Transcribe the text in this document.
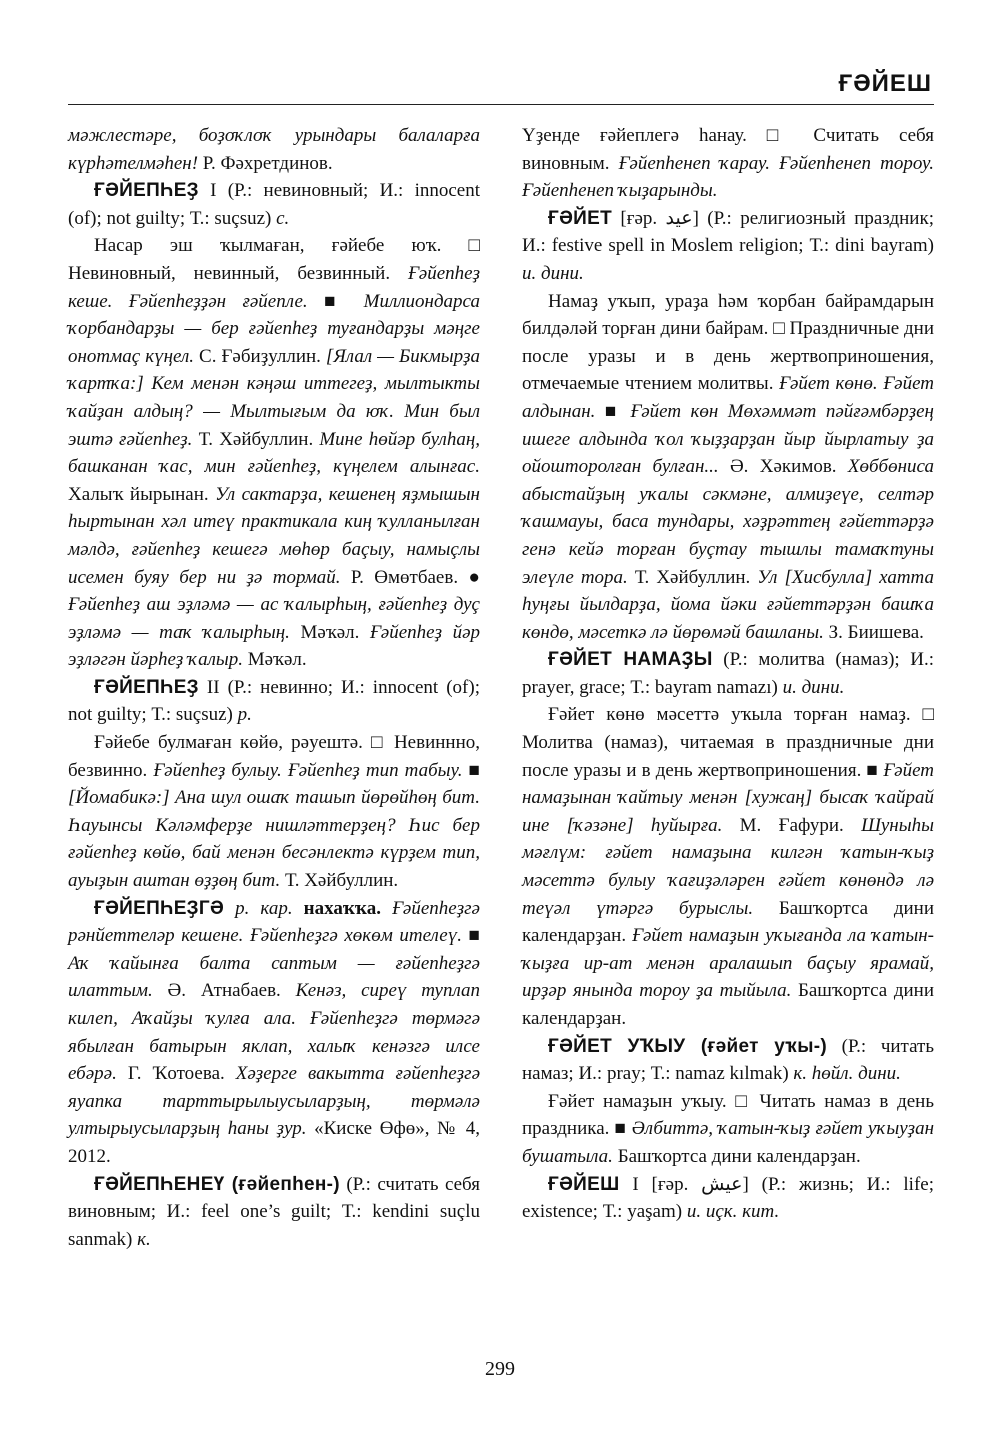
ҒӘЙЕШ

мәжлестәре, боҙоҡлоҡ урындары балаларға күрһәтелмәһен! Р. Фәхретдинов.

ҒӘЙЕПҺЕҘ I (Р.: невиновный; И.: innocent (of); not guilty; Т.: suçsuz) с.

Насар эш ҡылмаған, ғәйебе юҡ. □ Невиновный, невинный, безвинный. Ғәйепһеҙ кеше. Ғәйепһеҙҙән ғәйепле. ■ Миллиондарса ҡорбандарҙы — бер ғәйепһеҙ туғандарҙы мәңге онотмаç күңел. С. Ғәбиҙуллин. [Ялал — Бикмырҙа ҡартҡа:] Кем менән кәңәш иттегеҙ, мылтыкты ҡайҙан алдың? — Мылтығым да юҡ. Мин был эштә ғәйепһеҙ. Т. Хәйбуллин. Мине һөйәр булһаң, башканан ҡас, мин ғәйепһеҙ, күңелем алынғас. Халыҡ йырынан. Ул сактарҙа, кешенең яҙмышын һыртынан хәл итеү практикала киң ҡулланылған мәлдә, ғәйепһеҙ кешегә мөһөр баçыу, намыçлы исемен буяу бер ни ҙә тормай. Р. Өмөтбаев. ● Ғәйепһеҙ аш эҙләмә — ас ҡалырһың, ғәйепһеҙ дуç эҙләмә — таҡ ҡалырһың. Мәҡәл. Ғәйепһеҙ йәр эҙләгән йәрһеҙ ҡалыр. Мәҡәл.

ҒӘЙЕПҺЕҘ II (Р.: невинно; И.: innocent (of); not guilty; Т.: suçsuz) р.

Ғәйебе булмаған көйө, рәуештә. □ Невиннно, безвинно. Ғәйепһеҙ булыу. Ғәйепһеҙ тип табыу. ■ [Йомабикә:] Ана шул ошаҡ ташып йөрөйһөң бит. Һауынсы Кәләмферҙе нишләттерҙең? Һис бер ғәйепһеҙ көйө, бай менән бесәнлектә күрҙем тип, ауыҙын аштан өҙҙөң бит. Т. Хәйбуллин.

ҒӘЙЕПҺЕҘГӘ р. кар. нахаҡҡа. Ғәйепһеҙгә рәнйеттеләр кешене. Ғәйепһеҙгә хөкөм ителеү. ■ Аҡ ҡайынға балта саптым — ғәйепһеҙгә илаттым. Ә. Атнабаев. Кенәз, сиреү туплап килеп, Аҡайҙы ҡулға ала. Ғәйепһеҙгә төрмәгә ябылған батырын яклап, халыҡ кенәзгә илсе ебәрә. Г. Ҡотоева. Хәҙерге вакытта ғәйепһеҙгә яуапка тарттырылыусыларҙың, төрмәлә ултырыусыларҙың һаны ҙур. «Киске Өфө», № 4, 2012.

ҒӘЙЕПҺЕНЕҮ (ғәйепһен-) (Р.: считать себя виновным; И.: feel one’s guilt; Т.: kendini suçlu sanmak) к.

Үҙенде ғәйеплегә һанау. □ Считать себя виновным. Ғәйепһенеп ҡарау. Ғәйепһенеп тороу. Ғәйепһенеп ҡыҙарынды.

ҒӘЙЕТ [ғәр. عيد] (Р.: религиозный праздник; И.: festive spell in Moslem religion; Т.: dini bayram) и. дини.

Намаҙ уҡып, ураҙа һәм ҡорбан байрамдарын билдәләй торған дини байрам. □ Праздничные дни после уразы и в день жертвоприношения, отмечаемые чтением молитвы. Ғәйет көнө. Ғәйет алдынан. ■ Ғәйет көн Мөхәммәт пәйғәмбәрҙең ишеге алдында ҡол ҡыҙҙарҙан йыр йырлатыу ҙа ойошторолған булған... Ә. Хәкимов. Хөббөниса абыстайҙың уҡалы сәкмәне, алмиҙеүе, селтәр ҡашмауы, баса тундары, хәҙрәттең ғәйеттәрҙә генә кейә торған буçтау тышлы тамаҡтуны элеүле тора. Т. Хәйбуллин. Ул [Хисбулла] хатта һуңғы йылдарҙа, йома йәки ғәйеттәрҙән башҡа көндө, мәсеткә лә йөрөмәй башланы. З. Биишева.

ҒӘЙЕТ НАМАҘЫ (Р.: молитва (намаз); И.: prayer, grace; Т.: bayram namazı) и. дини.

Ғәйет көнө мәсеттә уҡыла торған намаҙ. □ Молитва (намаз), читаемая в праздничные дни после уразы и в день жертвоприношения. ■ Ғәйет намаҙынан ҡайтыу менән [хужаң] бысаҡ ҡайрай ине [ҡәзәне] һуйырға. М. Ғафури. Шуныһы мәғлүм: ғәйет намаҙына килгән ҡатын-ҡыҙ мәсеттә булыу ҡағиҙәләрен ғәйет көнөндә лә теүәл үтәргә бурыслы. Башҡортса дини календарҙан. Ғәйет намаҙын уҡығанда ла ҡатын-ҡыҙға ир-ат менән аралашып баçыу ярамай, ирҙәр янында тороу ҙа тыйыла. Башҡортса дини календарҙан.

ҒӘЙЕТ УҠЫУ (ғәйет уҡы-) (Р.: читать намаз; И.: pray; Т.: namaz kılmak) к. һөйл. дини.

Ғәйет намаҙын уҡыу. □ Читать намаз в день праздника. ■ Әлбиттә, ҡатын-ҡыҙ ғәйет уҡыуҙан бушатыла. Башҡортса дини календарҙан.

ҒӘЙЕШ I [ғәр. عيش] (Р.: жизнь; И.: life; existence; Т.: yaşam) и. иçк. кит.

299
